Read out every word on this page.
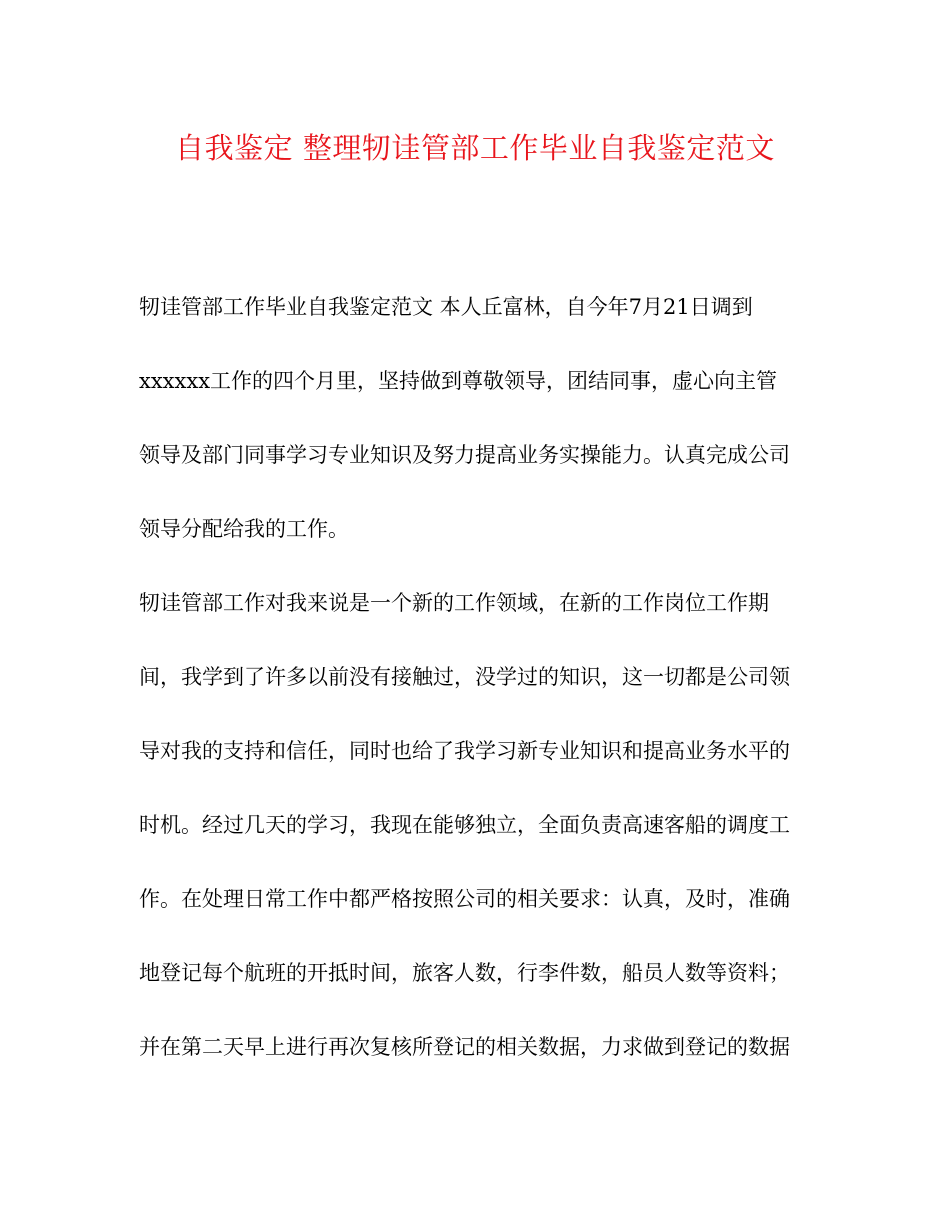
自我鉴定 整理牣诖管部工作毕业自我鉴定范文
牣诖管部工作毕业自我鉴定范文 本人丘富林，自今年7月21日调到
xxxxxx工作的四个月里，坚持做到尊敬领导，团结同事，虚心向主管
领导及部门同事学习专业知识及努力提高业务实操能力。认真完成公司
领导分配给我的工作。
牣诖管部工作对我来说是一个新的工作领域，在新的工作岗位工作期
间，我学到了许多以前没有接触过，没学过的知识，这一切都是公司领
导对我的支持和信任，同时也给了我学习新专业知识和提高业务水平的
时机。经过几天的学习，我现在能够独立，全面负责高速客船的调度工
作。在处理日常工作中都严格按照公司的相关要求：认真，及时，准确
地登记每个航班的开抵时间，旅客人数，行李件数，船员人数等资料；
并在第二天早上进行再次复核所登记的相关数据，力求做到登记的数据
